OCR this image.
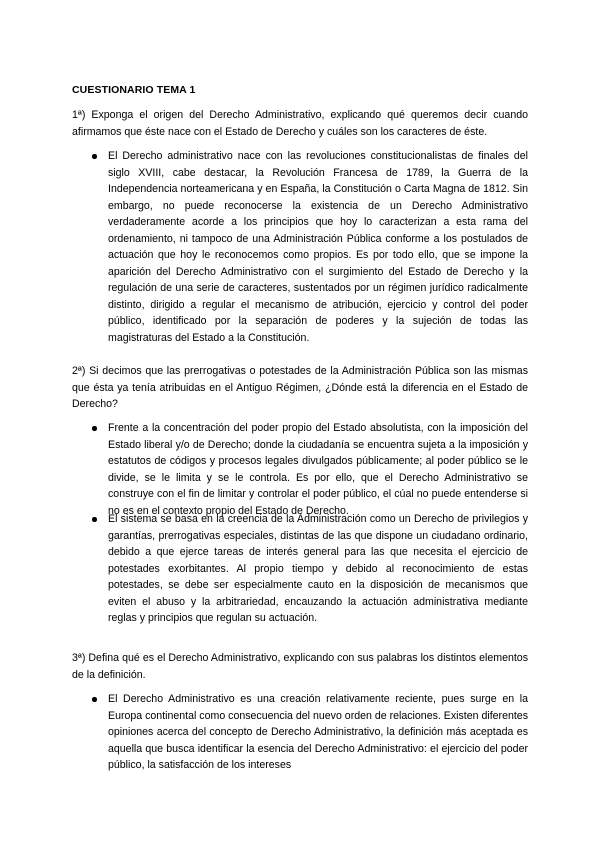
CUESTIONARIO TEMA 1
1ª) Exponga el origen del Derecho Administrativo, explicando qué queremos decir cuando afirmamos que éste nace con el Estado de Derecho y cuáles son los caracteres de éste.
El Derecho administrativo nace con las revoluciones constitucionalistas de finales del siglo XVIII, cabe destacar, la Revolución Francesa de 1789, la Guerra de la Independencia norteamericana y en España, la Constitución o Carta Magna de 1812. Sin embargo, no puede reconocerse la existencia de un Derecho Administrativo verdaderamente acorde a los principios que hoy lo caracterizan a esta rama del ordenamiento, ni tampoco de una Administración Pública conforme a los postulados de actuación que hoy le reconocemos como propios. Es por todo ello, que se impone la aparición del Derecho Administrativo con el surgimiento del Estado de Derecho y la regulación de una serie de caracteres, sustentados por un régimen jurídico radicalmente distinto, dirigido a regular el mecanismo de atribución, ejercicio y control del poder público, identificado por la separación de poderes y la sujeción de todas las magistraturas del Estado a la Constitución.
2ª) Si decimos que las prerrogativas o potestades de la Administración Pública son las mismas que ésta ya tenía atribuidas en el Antiguo Régimen, ¿Dónde está la diferencia en el Estado de Derecho?
Frente a la concentración del poder propio del Estado absolutista, con la imposición del Estado liberal y/o de Derecho; donde la ciudadanía se encuentra sujeta a la imposición y estatutos de códigos y procesos legales divulgados públicamente; al poder público se le divide, se le limita y se le controla. Es por ello, que el Derecho Administrativo se construye con el fin de limitar y controlar el poder público, el cúal no puede entenderse si no es en el contexto propio del Estado de Derecho.
El sistema se basa en la creencia de la Administración como un Derecho de privilegios y garantías, prerrogativas especiales, distintas de las que dispone un ciudadano ordinario, debido a que ejerce tareas de interés general para las que necesita el ejercicio de potestades exorbitantes. Al propio tiempo y debido al reconocimiento de estas potestades, se debe ser especialmente cauto en la disposición de mecanismos que eviten el abuso y la arbitrariedad, encauzando la actuación administrativa mediante reglas y principios que regulan su actuación.
3ª) Defina qué es el Derecho Administrativo, explicando con sus palabras los distintos elementos de la definición.
El Derecho Administrativo es una creación relativamente reciente, pues surge en la Europa continental como consecuencia del nuevo orden de relaciones. Existen diferentes opiniones acerca del concepto de Derecho Administrativo, la definición más aceptada es aquella que busca identificar la esencia del Derecho Administrativo: el ejercicio del poder público, la satisfacción de los intereses
